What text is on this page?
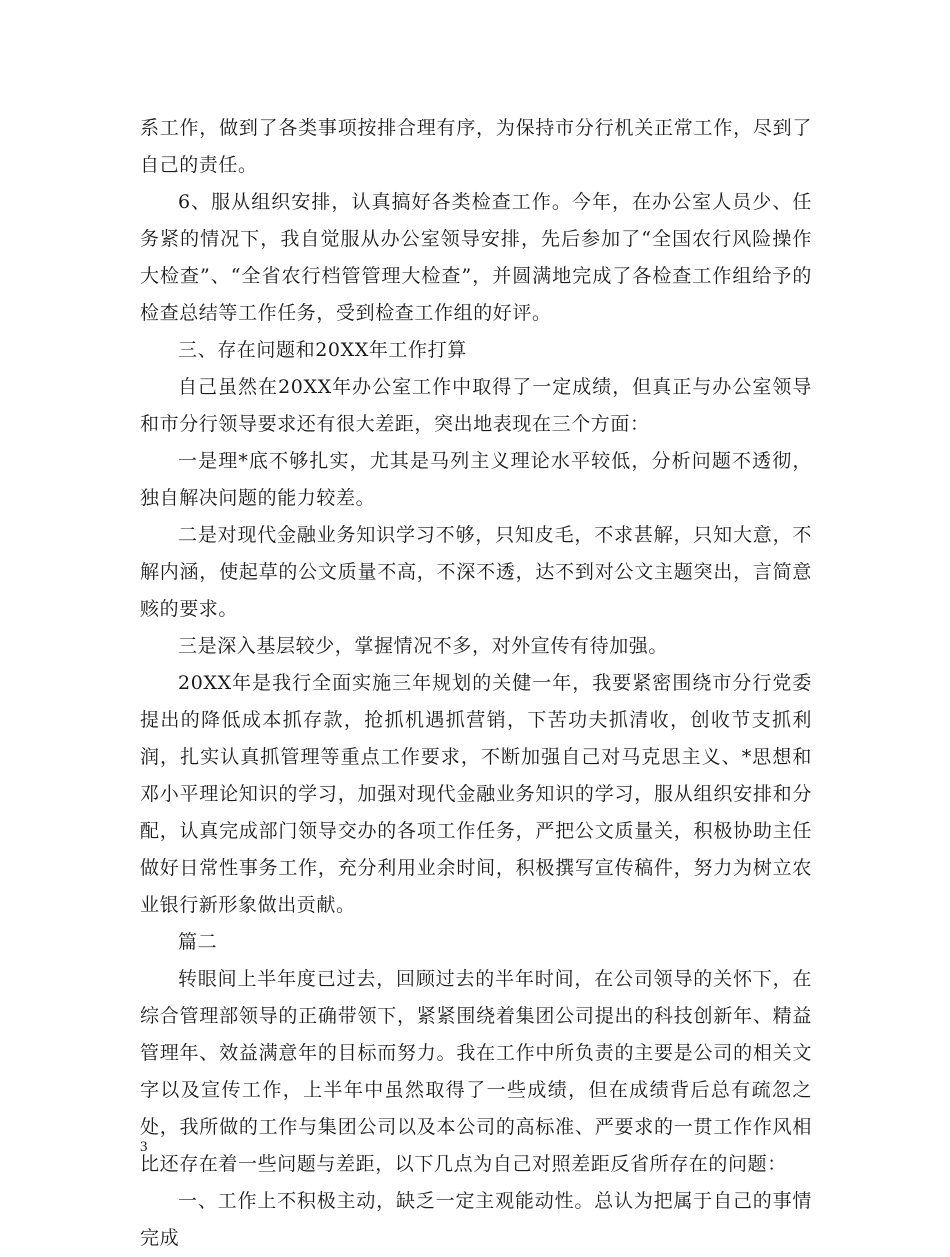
系工作，做到了各类事项按排合理有序，为保持市分行机关正常工作，尽到了自己的责任。

6、服从组织安排，认真搞好各类检查工作。今年，在办公室人员少、任务紧的情况下，我自觉服从办公室领导安排，先后参加了“全国农行风险操作大检查”、“全省农行档管管理大检查”，并圆满地完成了各检查工作组给予的检查总结等工作任务，受到检查工作组的好评。

三、存在问题和20XX年工作打算

自己虽然在20XX年办公室工作中取得了一定成绩，但真正与办公室领导和市分行领导要求还有很大差距，突出地表现在三个方面：

一是理*底不够扎实，尤其是马列主义理论水平较低，分析问题不透彻，独自解决问题的能力较差。

二是对现代金融业务知识学习不够，只知皮毛，不求甚解，只知大意，不解内涵，使起草的公文质量不高，不深不透，达不到对公文主题突出，言简意赅的要求。

三是深入基层较少，掌握情况不多，对外宣传有待加强。

20XX年是我行全面实施三年规划的关健一年，我要紧密围绕市分行党委提出的降低成本抓存款，抢抓机遇抓营销，下苦功夫抓清收，创收节支抓利润，扎实认真抓管理等重点工作要求，不断加强自己对马克思主义、*思想和邓小平理论知识的学习，加强对现代金融业务知识的学习，服从组织安排和分配，认真完成部门领导交办的各项工作任务，严把公文质量关，积极协助主任做好日常性事务工作，充分利用业余时间，积极撰写宣传稿件，努力为树立农业银行新形象做出贡献。

篇二

转眼间上半年度已过去，回顾过去的半年时间，在公司领导的关怀下，在综合管理部领导的正确带领下，紧紧围绕着集团公司提出的科技创新年、精益管理年、效益满意年的目标而努力。我在工作中所负责的主要是公司的相关文字以及宣传工作，上半年中虽然取得了一些成绩，但在成绩背后总有疏忽之处，我所做的工作与集团公司以及本公司的高标准、严要求的一贯工作作风相比还存在着一些问题与差距，以下几点为自己对照差距反省所存在的问题：

一、工作上不积极主动，缺乏一定主观能动性。总认为把属于自己的事情完成

3
